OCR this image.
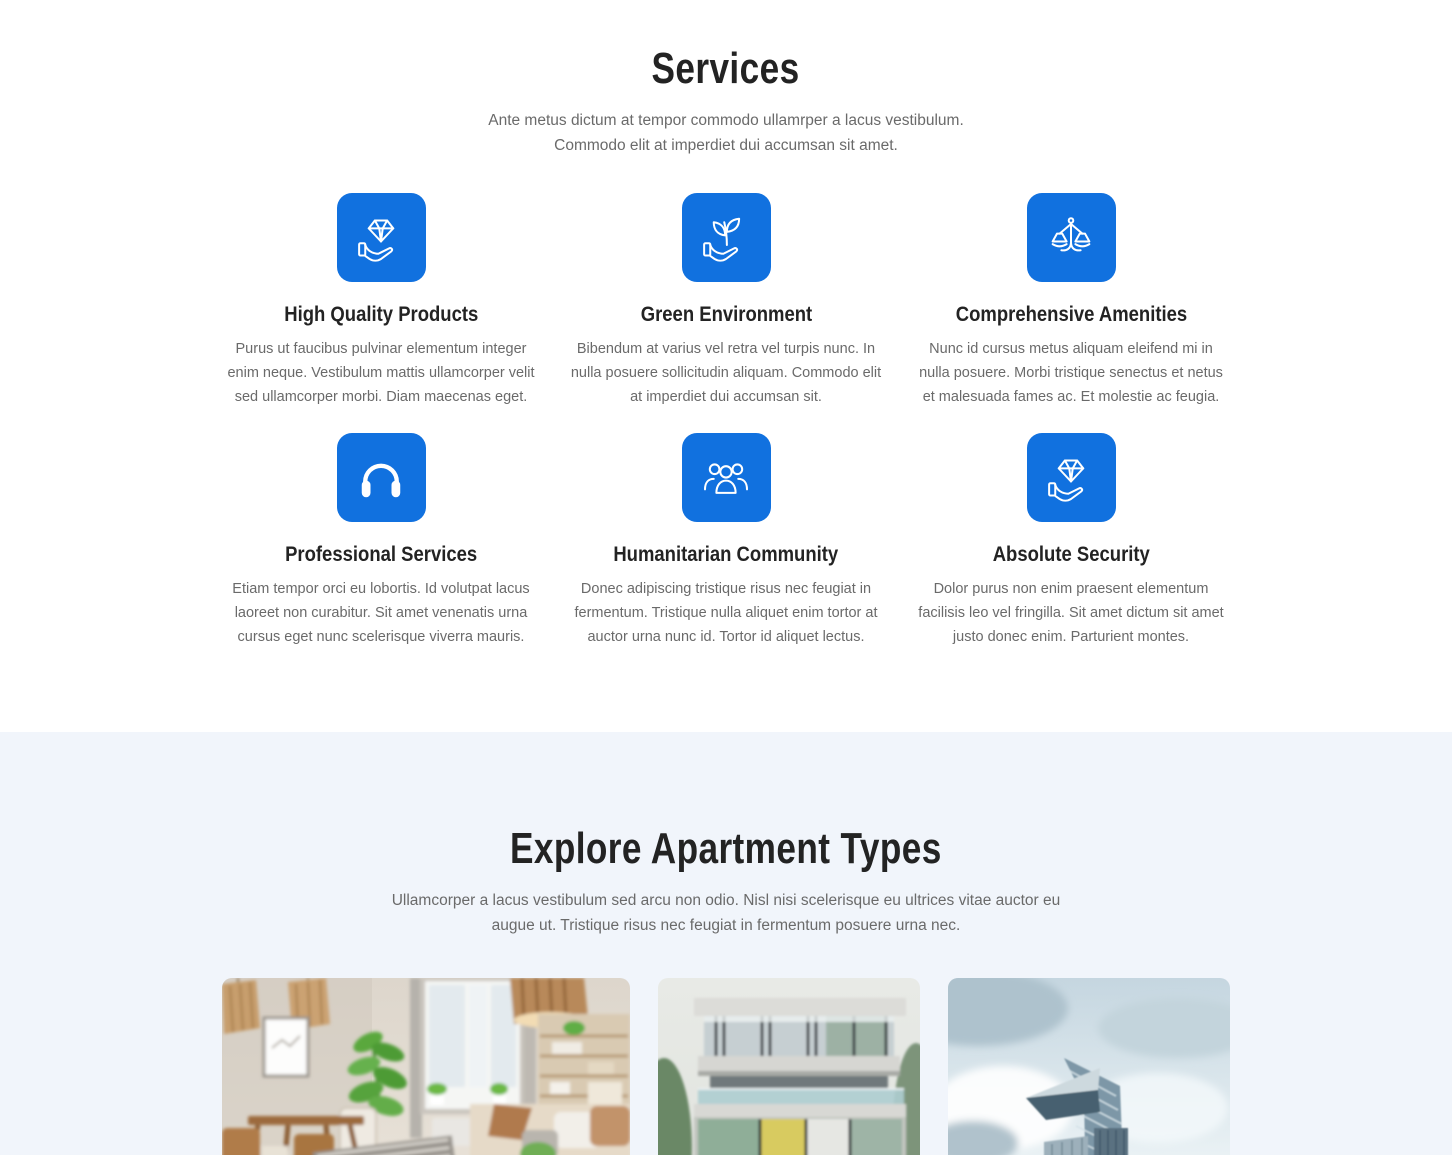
Services

Ante metus dictum at tempor commodo ullamrper a lacus vestibulum.
Commodo elit at imperdiet dui accumsan sit amet.

High Quality Products

Purus ut faucibus pulvinar elementum integer enim neque. Vestibulum mattis ullamcorper velit sed ullamcorper morbi. Diam maecenas eget.

Green Environment

Bibendum at varius vel retra vel turpis nunc. In nulla posuere sollicitudin aliquam. Commodo elit at imperdiet dui accumsan sit.

Comprehensive Amenities

Nunc id cursus metus aliquam eleifend mi in nulla posuere. Morbi tristique senectus et netus et malesuada fames ac. Et molestie ac feugia.

Professional Services

Etiam tempor orci eu lobortis. Id volutpat lacus laoreet non curabitur. Sit amet venenatis urna cursus eget nunc scelerisque viverra mauris.

Humanitarian Community

Donec adipiscing tristique risus nec feugiat in fermentum. Tristique nulla aliquet enim tortor at auctor urna nunc id. Tortor id aliquet lectus.

Absolute Security

Dolor purus non enim praesent elementum facilisis leo vel fringilla. Sit amet dictum sit amet justo donec enim. Parturient montes.

Explore Apartment Types

Ullamcorper a lacus vestibulum sed arcu non odio. Nisl nisi scelerisque eu ultrices vitae auctor eu
augue ut. Tristique risus nec feugiat in fermentum posuere urna nec.
